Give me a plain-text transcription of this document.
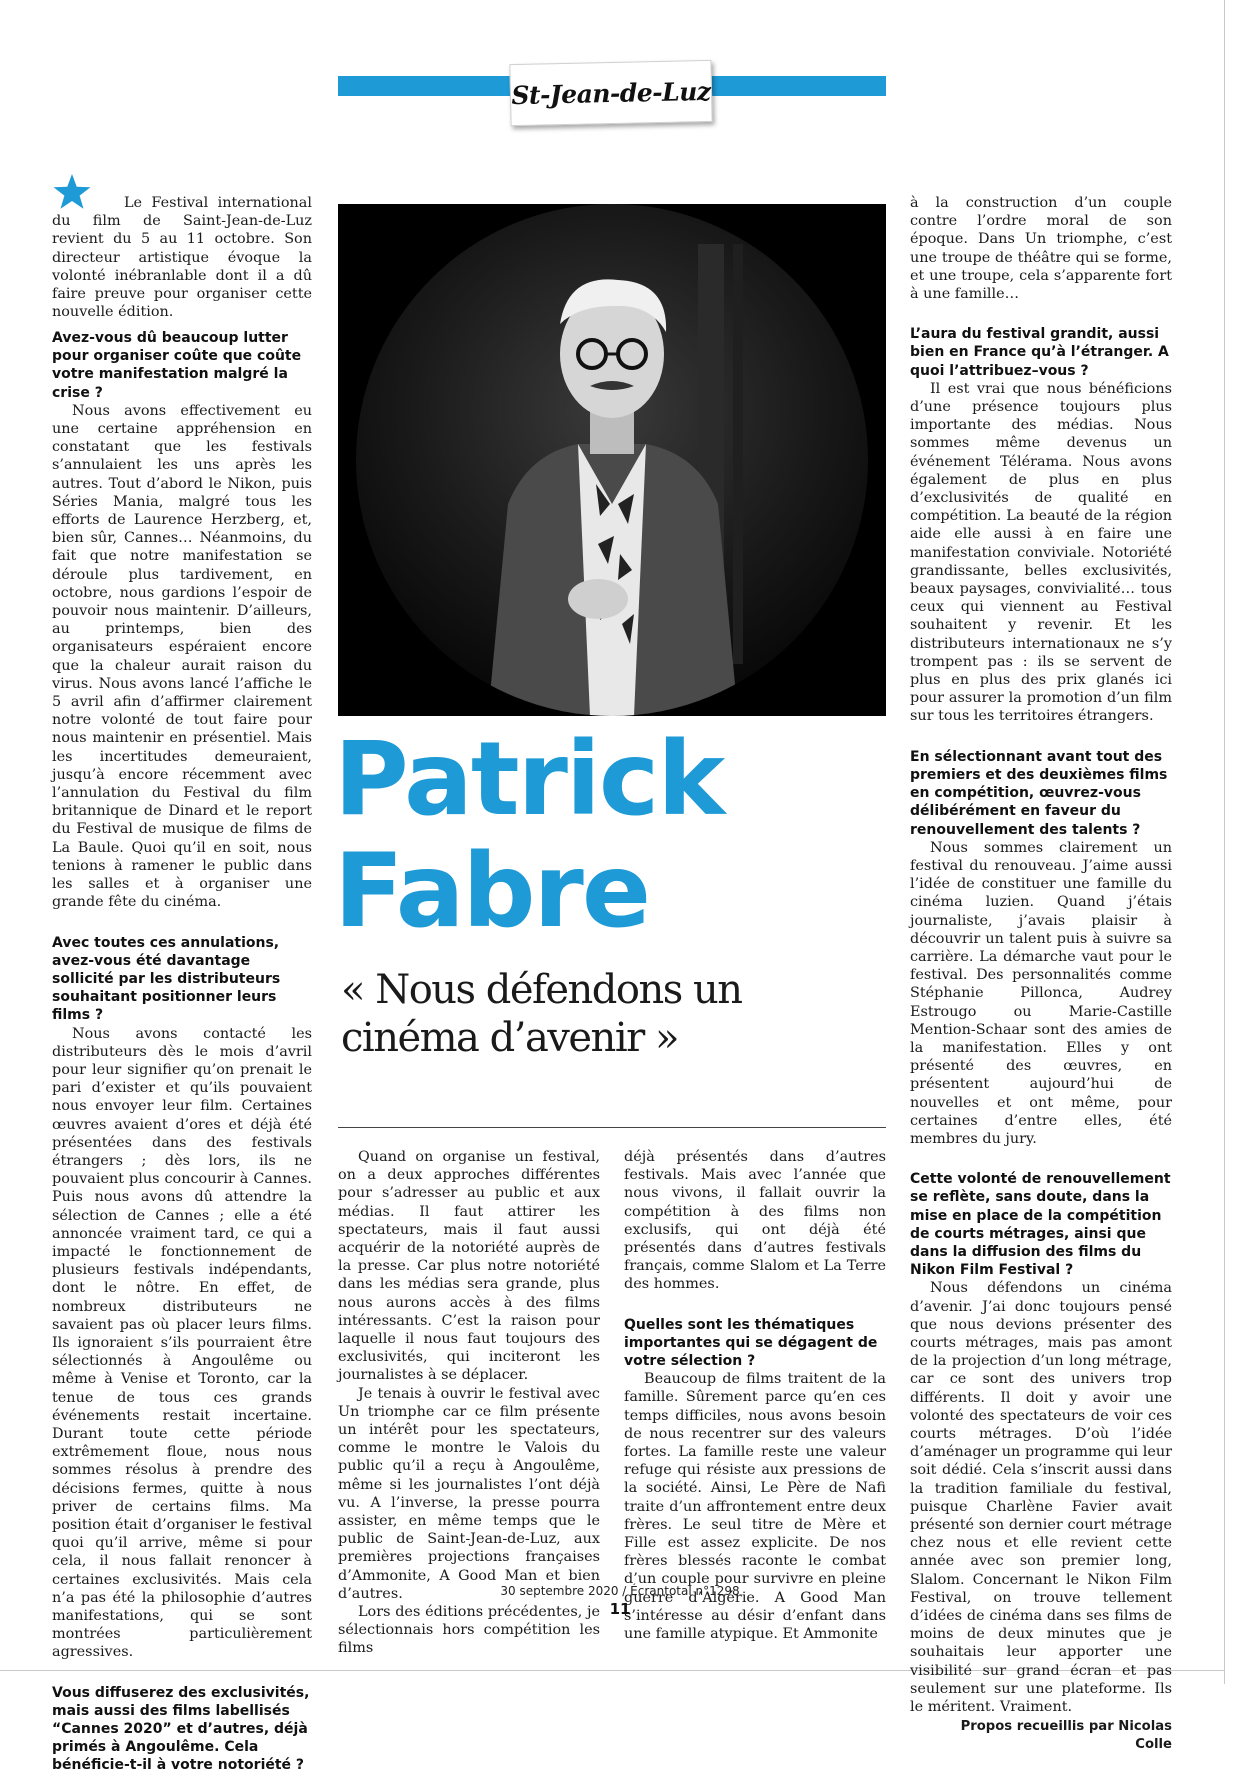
St-Jean-de-Luz
Le Festival international du film de Saint-Jean-de-Luz revient du 5 au 11 octobre. Son directeur artistique évoque la volonté inébranlable dont il a dû faire preuve pour organiser cette nouvelle édition.

Avez-vous dû beaucoup lutter pour organiser coûte que coûte votre manifestation malgré la crise ?

Nous avons effectivement eu une certaine appréhension en constatant que les festivals s’annulaient les uns après les autres. Tout d’abord le Nikon, puis Séries Mania, malgré tous les efforts de Laurence Herzberg, et, bien sûr, Cannes… Néanmoins, du fait que notre manifestation se déroule plus tardivement, en octobre, nous gardions l’espoir de pouvoir nous maintenir. D’ailleurs, au printemps, bien des organisateurs espéraient encore que la chaleur aurait raison du virus. Nous avons lancé l’affiche le 5 avril afin d’affirmer clairement notre volonté de tout faire pour nous maintenir en présentiel. Mais les incertitudes demeuraient, jusqu’à encore récemment avec l’annulation du Festival du film britannique de Dinard et le report du Festival de musique de films de La Baule. Quoi qu’il en soit, nous tenions à ramener le public dans les salles et à organiser une grande fête du cinéma.

Avec toutes ces annulations, avez-vous été davantage sollicité par les distributeurs souhaitant positionner leurs films ?

Nous avons contacté les distributeurs dès le mois d’avril pour leur signifier qu’on prenait le pari d’exister et qu’ils pouvaient nous envoyer leur film. Certaines œuvres avaient d’ores et déjà été présentées dans des festivals étrangers ; dès lors, ils ne pouvaient plus concourir à Cannes. Puis nous avons dû attendre la sélection de Cannes ; elle a été annoncée vraiment tard, ce qui a impacté le fonctionnement de plusieurs festivals indépendants, dont le nôtre. En effet, de nombreux distributeurs ne savaient pas où placer leurs films. Ils ignoraient s’ils pourraient être sélectionnés à Angoulême ou même à Venise et Toronto, car la tenue de tous ces grands événements restait incertaine. Durant toute cette période extrêmement floue, nous nous sommes résolus à prendre des décisions fermes, quitte à nous priver de certains films. Ma position était d’organiser le festival quoi qu’il arrive, même si pour cela, il nous fallait renoncer à certaines exclusivités. Mais cela n’a pas été la philosophie d’autres manifestations, qui se sont montrées particulièrement agressives.

Vous diffuserez des exclusivités, mais aussi des films labellisés “Cannes 2020” et d’autres, déjà primés à Angoulême. Cela bénéficie-t-il à votre notoriété ?

Patrick
Fabre
« Nous défendons un cinéma d’avenir »

Quand on organise un festival, on a deux approches différentes pour s’adresser au public et aux médias. Il faut attirer les spectateurs, mais il faut aussi acquérir de la notoriété auprès de la presse. Car plus notre notoriété dans les médias sera grande, plus nous aurons accès à des films intéressants. C’est la raison pour laquelle il nous faut toujours des exclusivités, qui inciteront les journalistes à se déplacer.

Je tenais à ouvrir le festival avec Un triomphe car ce film présente un intérêt pour les spectateurs, comme le montre le Valois du public qu’il a reçu à Angoulême, même si les journalistes l’ont déjà vu. A l’inverse, la presse pourra assister, en même temps que le public de Saint-Jean-de-Luz, aux premières projections françaises d’Ammonite, A Good Man et bien d’autres.

Lors des éditions précédentes, je sélectionnais hors compétition les films

déjà présentés dans d’autres festivals. Mais avec l’année que nous vivons, il fallait ouvrir la compétition à des films non exclusifs, qui ont déjà été présentés dans d’autres festivals français, comme Slalom et La Terre des hommes.

Quelles sont les thématiques importantes qui se dégagent de votre sélection ?

Beaucoup de films traitent de la famille. Sûrement parce qu’en ces temps difficiles, nous avons besoin de nous recentrer sur des valeurs fortes. La famille reste une valeur refuge qui résiste aux pressions de la société. Ainsi, Le Père de Nafi traite d’un affrontement entre deux frères. Le seul titre de Mère et Fille est assez explicite. De nos frères blessés raconte le combat d’un couple pour survivre en pleine guerre d’Algérie. A Good Man s’intéresse au désir d’enfant dans une famille atypique. Et Ammonite

à la construction d’un couple contre l’ordre moral de son époque. Dans Un triomphe, c’est une troupe de théâtre qui se forme, et une troupe, cela s’apparente fort à une famille…

L’aura du festival grandit, aussi bien en France qu’à l’étranger. A quoi l’attribuez–vous ?

Il est vrai que nous bénéficions d’une présence toujours plus importante des médias. Nous sommes même devenus un événement Télérama. Nous avons également de plus en plus d’exclusivités de qualité en compétition. La beauté de la région aide elle aussi à en faire une manifestation conviviale. Notoriété grandissante, belles exclusivités, beaux paysages, convivialité… tous ceux qui viennent au Festival souhaitent y revenir. Et les distributeurs internationaux ne s’y trompent pas : ils se servent de plus en plus des prix glanés ici pour assurer la promotion d’un film sur tous les territoires étrangers.

En sélectionnant avant tout des premiers et des deuxièmes films en compétition, œuvrez-vous délibérément en faveur du renouvellement des talents ?

Nous sommes clairement un festival du renouveau. J’aime aussi l’idée de constituer une famille du cinéma luzien. Quand j’étais journaliste, j’avais plaisir à découvrir un talent puis à suivre sa carrière. La démarche vaut pour le festival. Des personnalités comme Stéphanie Pillonca, Audrey Estrougo ou Marie-Castille Mention-Schaar sont des amies de la manifestation. Elles y ont présenté des œuvres, en présentent aujourd’hui de nouvelles et ont même, pour certaines d’entre elles, été membres du jury.

Cette volonté de renouvellement se reflète, sans doute, dans la mise en place de la compétition de courts métrages, ainsi que dans la diffusion des films du Nikon Film Festival ?

Nous défendons un cinéma d’avenir. J’ai donc toujours pensé que nous devions présenter des courts métrages, mais pas amont de la projection d’un long métrage, car ce sont des univers trop différents. Il doit y avoir une volonté des spectateurs de voir ces courts métrages. D’où l’idée d’aménager un programme qui leur soit dédié. Cela s’inscrit aussi dans la tradition familiale du festival, puisque Charlène Favier avait présenté son dernier court métrage chez nous et elle revient cette année avec son premier long, Slalom. Concernant le Nikon Film Festival, on trouve tellement d’idées de cinéma dans ses films de moins de deux minutes que je souhaitais leur apporter une visibilité sur grand écran et pas seulement sur une plateforme. Ils le méritent. Vraiment.

Propos recueillis par Nicolas Colle

30 septembre 2020 / Écrantotal n°1298
11
